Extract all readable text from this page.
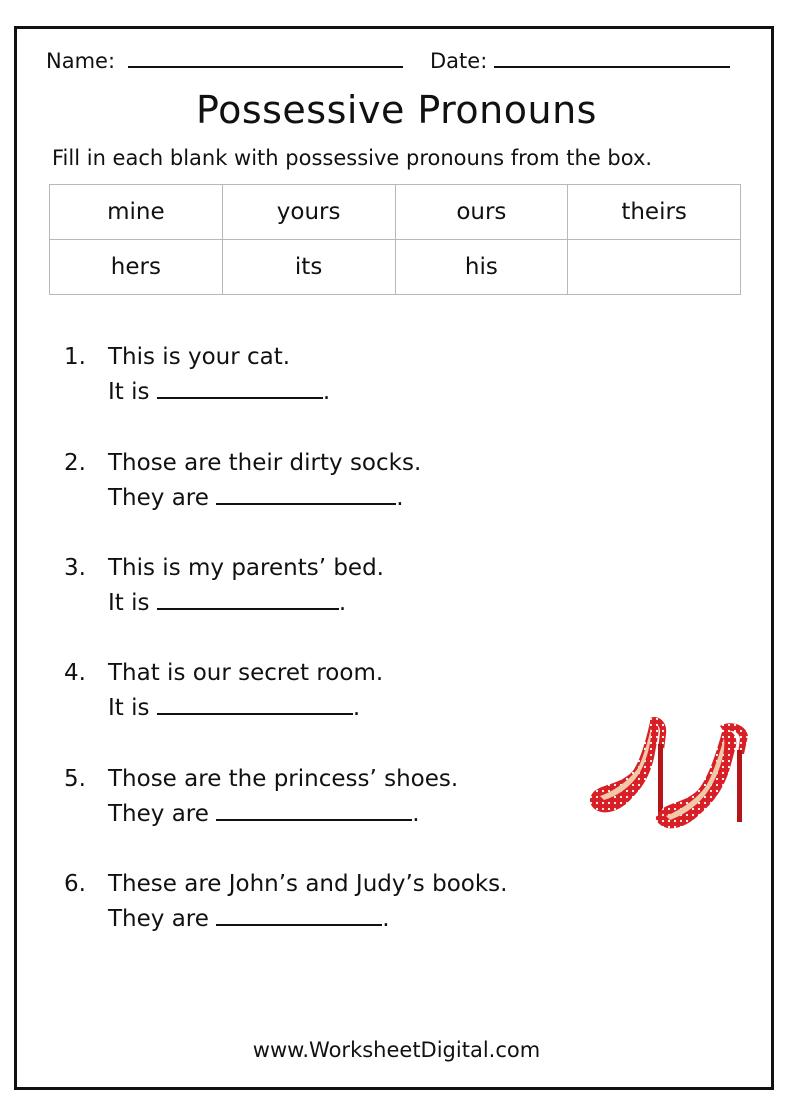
Name:	Date:
Possessive Pronouns

Fill in each blank with possessive pronouns from the box.

mine	yours	ours	theirs
hers	its	his	
1. This is your cat.
It is	.
2. Those are their dirty socks.
They are	.
3. This is my parents’ bed.
It is	.
4. That is our secret room.
It is	.
5. Those are the princess’ shoes.
They are	.
6. These are John’s and Judy’s books.
They are	.

www.WorksheetDigital.com
